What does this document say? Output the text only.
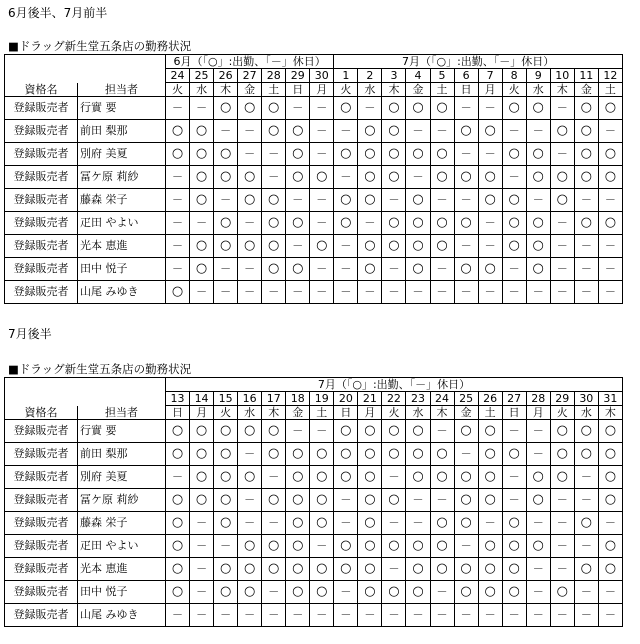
6月後半、7月前半
■ドラッグ新生堂五条店の勤務状況
		6月（「○」:出勤、「－」休日）							7月（「○」:出勤、「－」休日）											
		24	25	26	27	28	29	30	1	2	3	4	5	6	7	8	9	10	11	12
資格名	担当者	火	水	木	金	土	日	月	火	水	木	金	土	日	月	火	水	木	金	土
登録販売者	行實 要	－	－	○	○	○	－	－	○	－	○	○	○	－	－	○	○	－	○	○
登録販売者	前田 梨那	○	○	－	－	○	○	－	－	○	○	－	－	○	○	－	－	○	○	－
登録販売者	別府 美夏	○	○	○	－	－	○	－	○	○	○	○	○	－	－	○	○	－	○	○
登録販売者	冨ケ原 莉紗	－	○	○	○	－	○	○	－	○	○	－	○	○	○	－	○	○	○	○
登録販売者	藤森 栄子	－	○	－	○	○	－	－	○	○	－	○	－	－	○	○	－	○	－	－
登録販売者	疋田 やよい	－	－	○	－	○	○	－	○	－	○	○	○	○	－	○	○	－	○	○
登録販売者	光本 恵進	－	○	○	○	○	－	○	－	○	○	○	○	－	－	○	○	－	－	－
登録販売者	田中 悦子	－	○	－	－	○	○	－	－	○	－	○	－	○	○	－	○	－	－	－
登録販売者	山尾 みゆき	○	－	－	－	－	－	－	－	－	－	－	－	－	－	－	－	－	－	－
7月後半
■ドラッグ新生堂五条店の勤務状況
		7月（「○」:出勤、「－」休日）																		
		13	14	15	16	17	18	19	20	21	22	23	24	25	26	27	28	29	30	31
資格名	担当者	日	月	火	水	木	金	土	日	月	火	水	木	金	土	日	月	火	水	木
登録販売者	行實 要	○	○	○	○	○	－	－	○	○	○	○	－	○	○	－	－	○	○	○
登録販売者	前田 梨那	○	○	○	－	○	○	○	○	○	○	○	○	－	○	○	－	○	○	○
登録販売者	別府 美夏	－	○	○	○	－	○	○	○	○	－	○	○	○	○	－	○	○	－	○
登録販売者	冨ケ原 莉紗	○	○	○	－	○	○	○	－	○	○	－	－	○	○	－	○	－	－	○
登録販売者	藤森 栄子	○	－	○	－	－	○	○	－	○	－	－	○	○	－	○	－	－	○	－
登録販売者	疋田 やよい	○	－	－	○	○	○	－	○	○	○	○	○	－	○	○	○	－	－	○
登録販売者	光本 恵進	○	－	○	○	○	○	○	○	○	－	○	○	○	○	○	－	－	○	○
登録販売者	田中 悦子	○	－	○	○	－	○	○	－	○	○	○	－	○	○	○	－	○	－	－
登録販売者	山尾 みゆき	－	－	－	－	－	－	－	－	－	－	－	－	－	－	－	－	－	－	－
